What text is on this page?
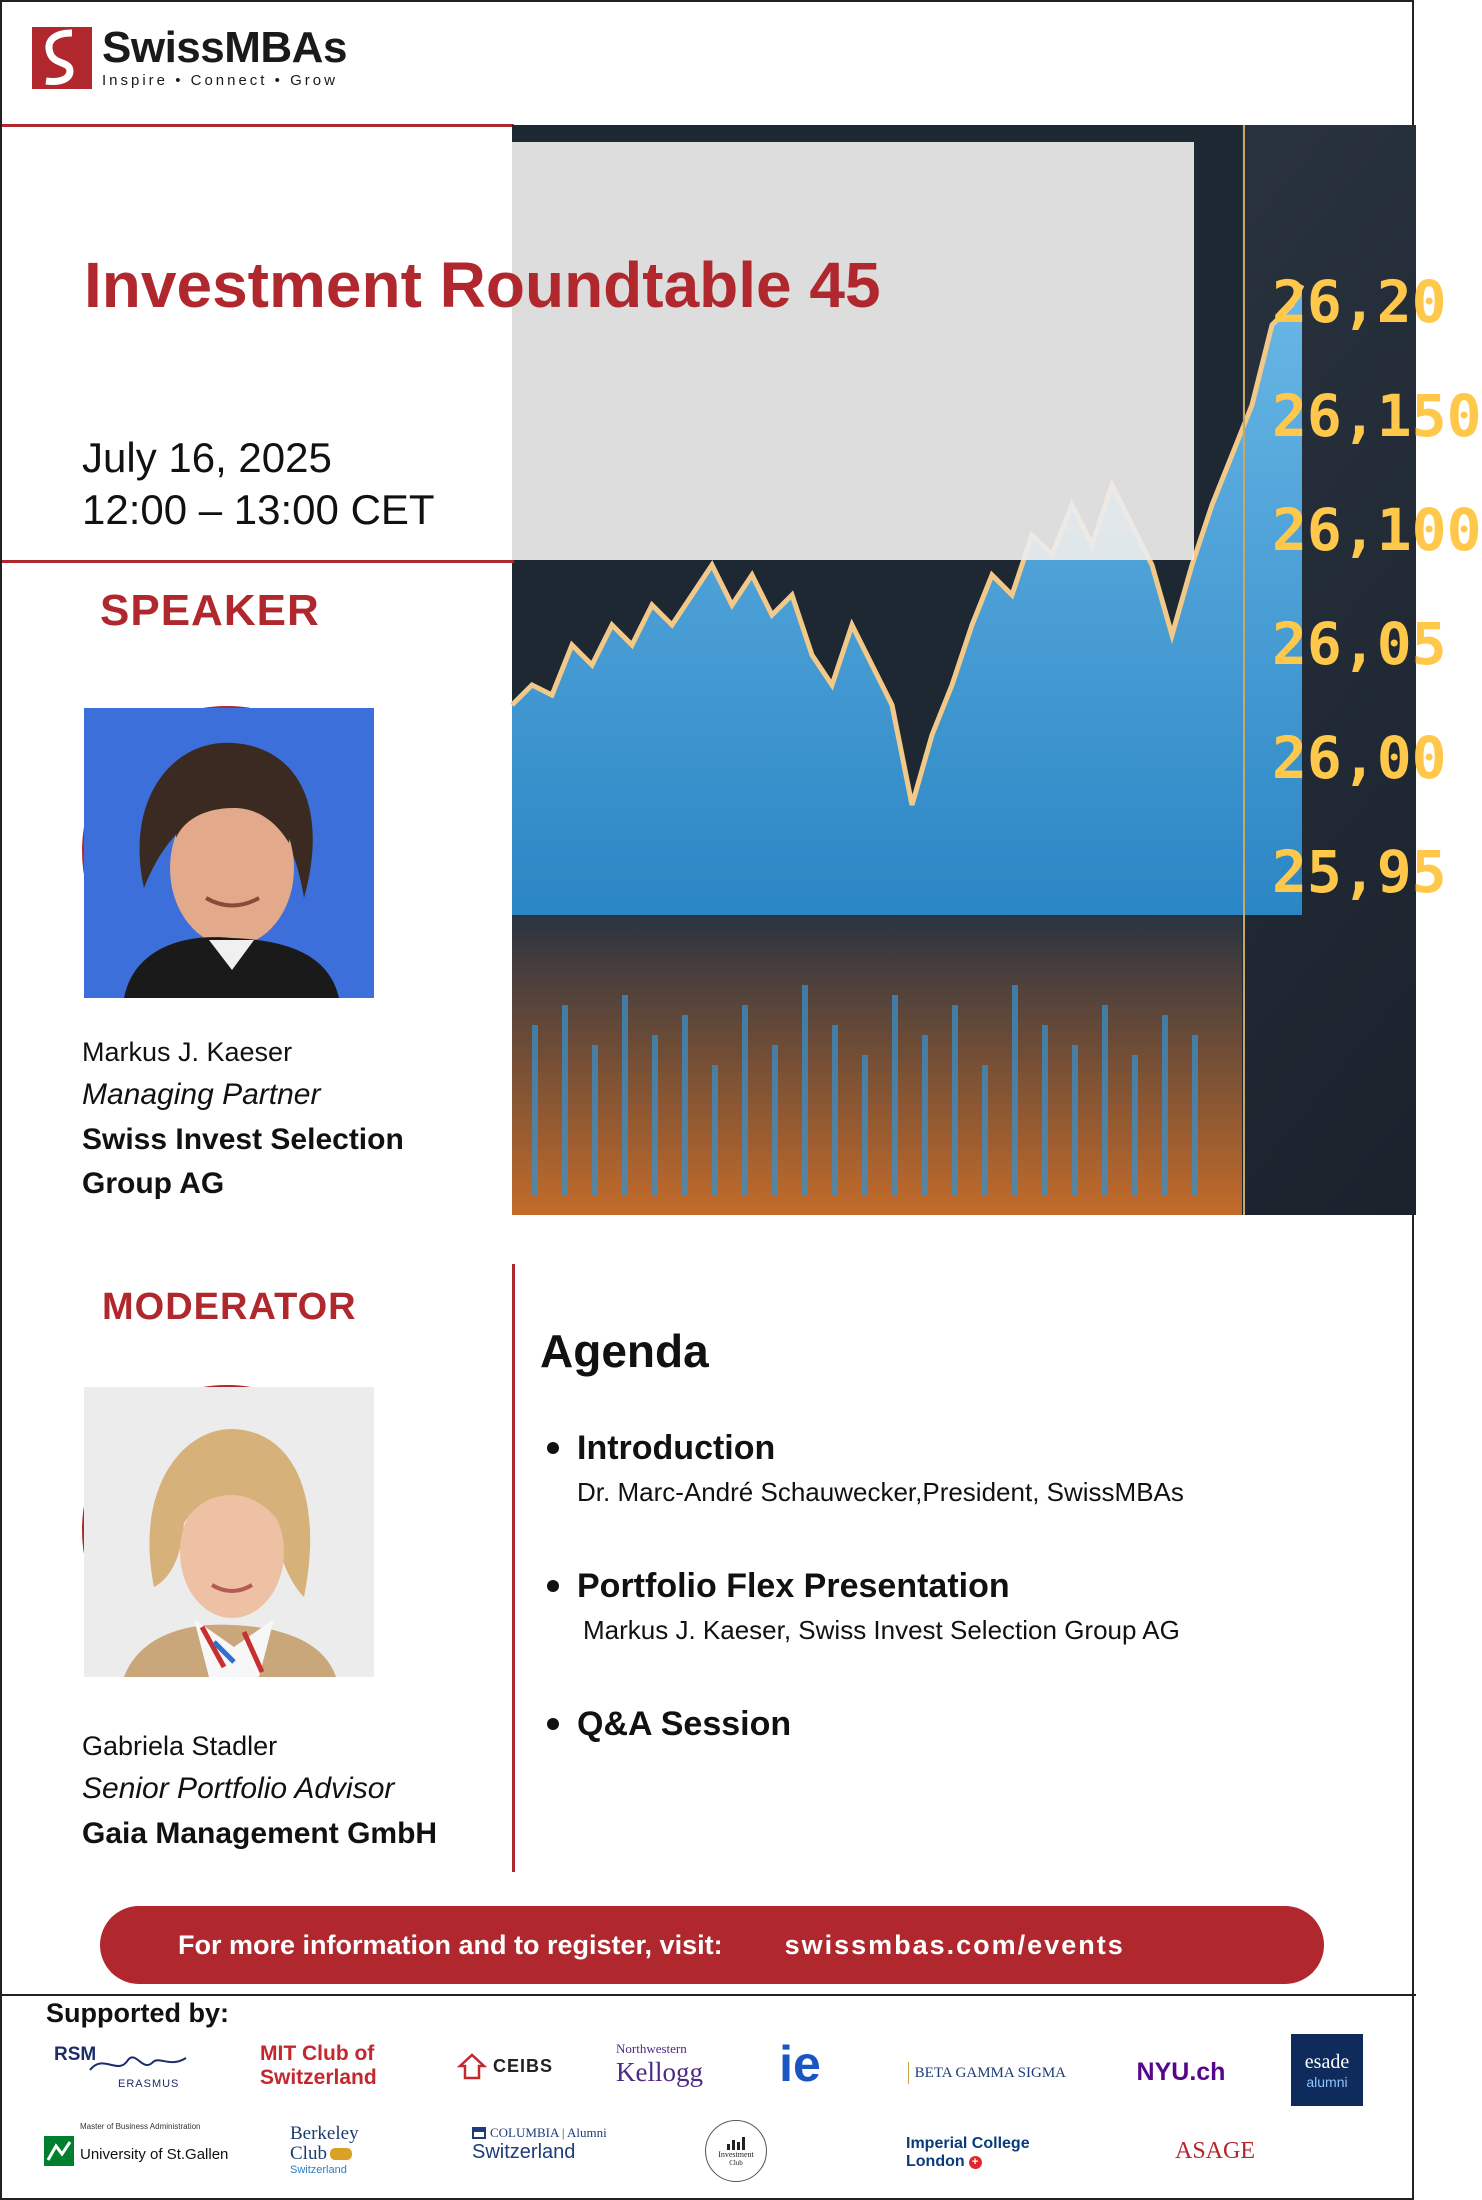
SwissMBAs
Inspire • Connect • Grow
26,20
26,150
26,100
26,05
26,00
25,95
Investment Roundtable 45
July 16, 2025
12:00 – 13:00 CET
SPEAKER
Markus J. Kaeser
Managing Partner
Swiss Invest Selection
Group AG
MODERATOR
Gabriela Stadler
Senior Portfolio Advisor
Gaia Management GmbH
Agenda
Introduction
Dr. Marc-André Schauwecker,President, SwissMBAs
Portfolio Flex Presentation
Markus J. Kaeser, Swiss Invest Selection Group AG
Q&A Session
For more information and to register, visit: swissmbas.com/events
Supported by:
RSM
ERASMUS
MIT Club of
Switzerland
CEIBS
Northwestern
Kellogg ie	BETA GAMMA SIGMA	NYU.ch	esade
alumni
Master of Business Administration
University of St.Gallen
Berkeley
Club
Switzerland
COLUMBIA | Alumni
Switzerland	Investment
Club
Imperial College
London +	ASAGE
